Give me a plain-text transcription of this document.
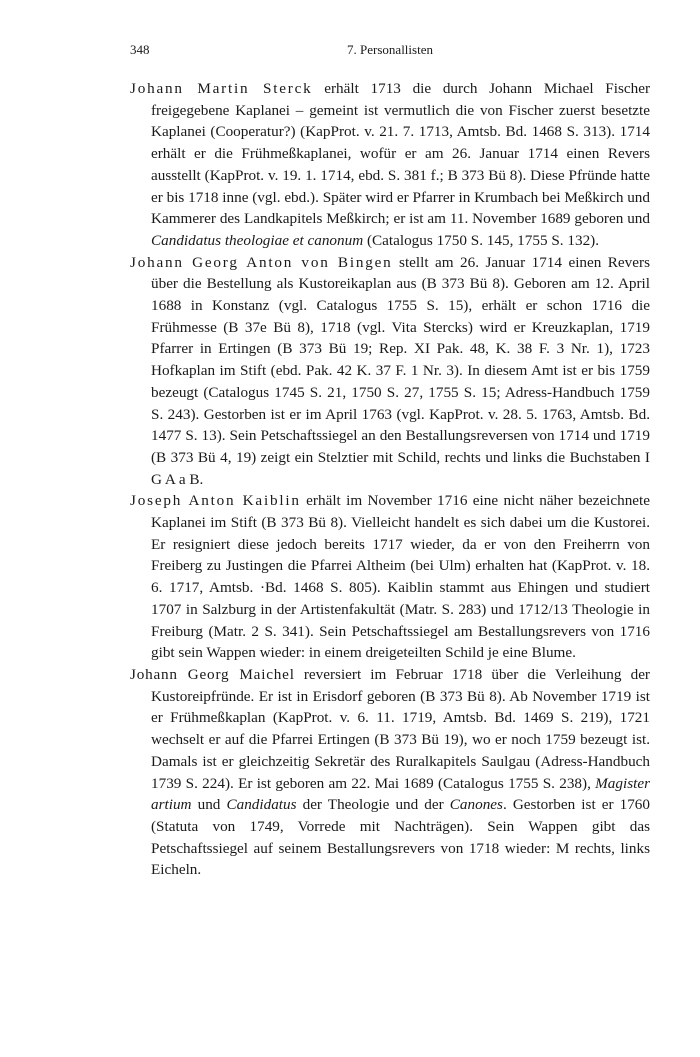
348	7. Personallisten

Johann Martin Sterck erhält 1713 die durch Johann Michael Fischer freigegebene Kaplanei – gemeint ist vermutlich die von Fischer zuerst besetzte Kaplanei (Cooperatur?) (KapProt. v. 21. 7. 1713, Amtsb. Bd. 1468 S. 313). 1714 erhält er die Frühmeßkaplanei, wofür er am 26. Januar 1714 einen Revers ausstellt (KapProt. v. 19. 1. 1714, ebd. S. 381 f.; B 373 Bü 8). Diese Pfründe hatte er bis 1718 inne (vgl. ebd.). Später wird er Pfarrer in Krumbach bei Meßkirch und Kammerer des Landkapitels Meßkirch; er ist am 11. November 1689 geboren und Candidatus theologiae et canonum (Catalogus 1750 S. 145, 1755 S. 132).

Johann Georg Anton von Bingen stellt am 26. Januar 1714 einen Revers über die Bestellung als Kustoreikaplan aus (B 373 Bü 8). Geboren am 12. April 1688 in Konstanz (vgl. Catalogus 1755 S. 15), erhält er schon 1716 die Frühmesse (B 37e Bü 8), 1718 (vgl. Vita Stercks) wird er Kreuzkaplan, 1719 Pfarrer in Ertingen (B 373 Bü 19; Rep. XI Pak. 48, K. 38 F. 3 Nr. 1), 1723 Hofkaplan im Stift (ebd. Pak. 42 K. 37 F. 1 Nr. 3). In diesem Amt ist er bis 1759 bezeugt (Catalogus 1745 S. 21, 1750 S. 27, 1755 S. 15; Adress-Handbuch 1759 S. 243). Gestorben ist er im April 1763 (vgl. KapProt. v. 28. 5. 1763, Amtsb. Bd. 1477 S. 13). Sein Petschaftssiegel an den Bestallungsreversen von 1714 und 1719 (B 373 Bü 4, 19) zeigt ein Stelztier mit Schild, rechts und links die Buchstaben I G A a B.

Joseph Anton Kaiblin erhält im November 1716 eine nicht näher bezeichnete Kaplanei im Stift (B 373 Bü 8). Vielleicht handelt es sich dabei um die Kustorei. Er resigniert diese jedoch bereits 1717 wieder, da er von den Freiherrn von Freiberg zu Justingen die Pfarrei Altheim (bei Ulm) erhalten hat (KapProt. v. 18. 6. 1717, Amtsb. ·Bd. 1468 S. 805). Kaiblin stammt aus Ehingen und studiert 1707 in Salzburg in der Artistenfakultät (Matr. S. 283) und 1712/13 Theologie in Freiburg (Matr. 2 S. 341). Sein Petschaftssiegel am Bestallungsrevers von 1716 gibt sein Wappen wieder: in einem dreigeteilten Schild je eine Blume.

Johann Georg Maichel reversiert im Februar 1718 über die Verleihung der Kustoreipfründe. Er ist in Erisdorf geboren (B 373 Bü 8). Ab November 1719 ist er Frühmeßkaplan (KapProt. v. 6. 11. 1719, Amtsb. Bd. 1469 S. 219), 1721 wechselt er auf die Pfarrei Ertingen (B 373 Bü 19), wo er noch 1759 bezeugt ist. Damals ist er gleichzeitig Sekretär des Ruralkapitels Saulgau (Adress-Handbuch 1739 S. 224). Er ist geboren am 22. Mai 1689 (Catalogus 1755 S. 238), Magister artium und Candidatus der Theologie und der Canones. Gestorben ist er 1760 (Statuta von 1749, Vorrede mit Nachträgen). Sein Wappen gibt das Petschaftssiegel auf seinem Bestallungsrevers von 1718 wieder: M rechts, links Eicheln.
